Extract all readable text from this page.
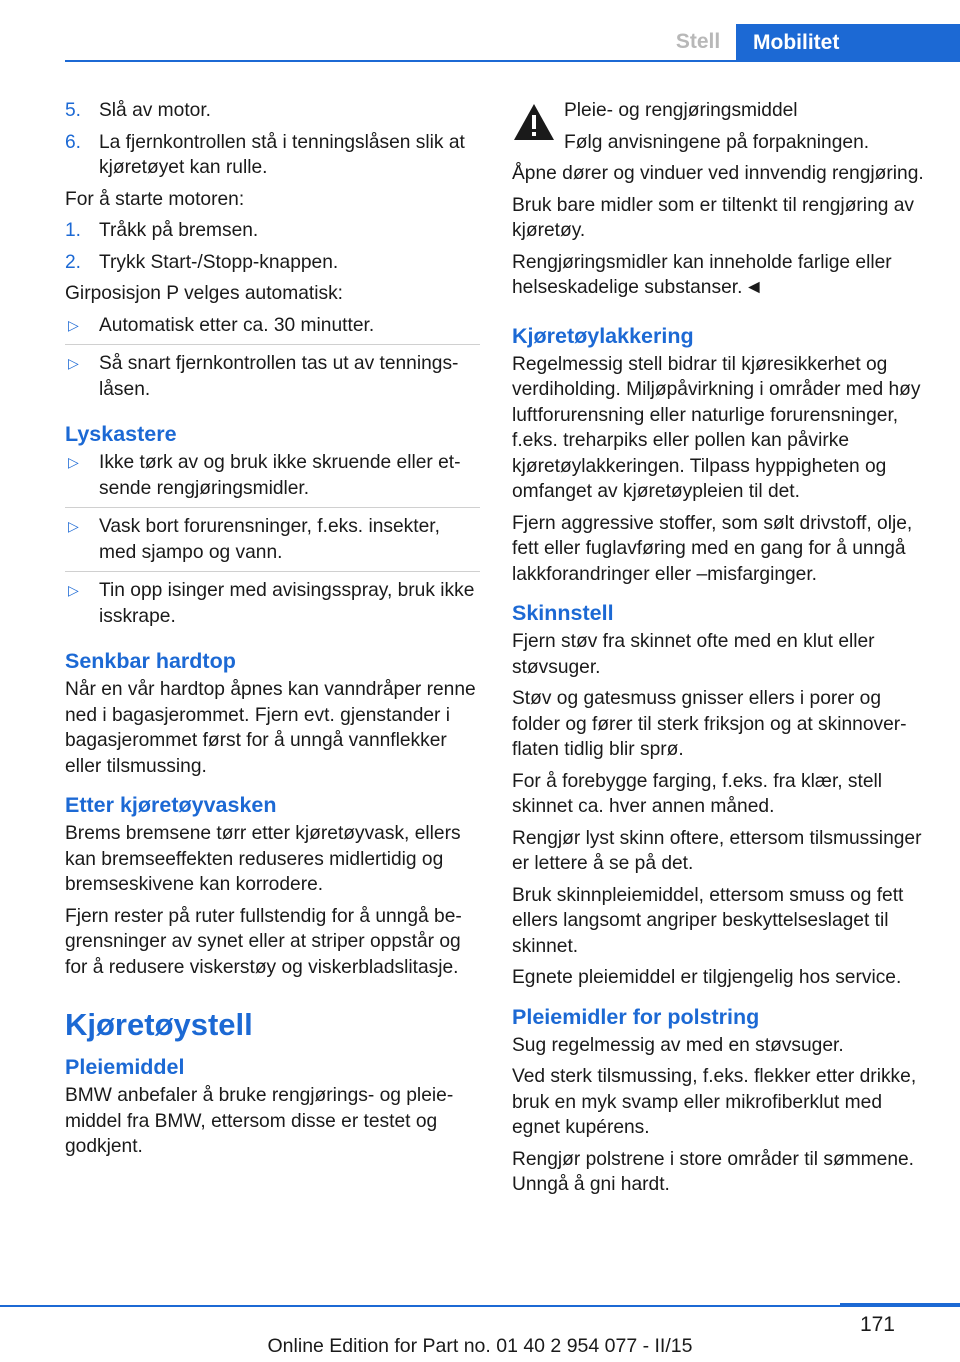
Stell	Mobilitet
5. Slå av motor.
6. La fjernkontrollen stå i tenningslåsen slik at kjøretøyet kan rulle.

For å starte motoren:

1. Tråkk på bremsen.
2. Trykk Start-/Stopp-knappen.

Girposisjon P velges automatisk:

▷ Automatisk etter ca. 30 minutter.
▷ Så snart fjernkontrollen tas ut av tenningslåsen.
Lyskastere
▷ Ikke tørk av og bruk ikke skruende eller etsende rengjøringsmidler.
▷ Vask bort forurensninger, f.eks. insekter, med sjampo og vann.
▷ Tin opp isinger med avisingsspray, bruk ikke isskrape.
Senkbar hardtop

Når en vår hardtop åpnes kan vanndråper renne ned i bagasjerommet. Fjern evt. gjenstander i bagasjerommet først for å unngå vannflekker eller tilsmussing.

Etter kjøretøyvasken

Brems bremsene tørr etter kjøretøyvask, ellers kan bremseeffekten reduseres midlertidig og bremseskivene kan korrodere.

Fjern rester på ruter fullstendig for å unngå begrensninger av synet eller at striper oppstår og for å redusere viskerstøy og viskerbladslitasje.

Kjøretøystell
Pleiemiddel

BMW anbefaler å bruke rengjørings- og pleiemiddel fra BMW, ettersom disse er testet og godkjent.

Pleie- og rengjøringsmiddel

Følg anvisningene på forpakningen.

Åpne dører og vinduer ved innvendig rengjøring.

Bruk bare midler som er tiltenkt til rengjøring av kjøretøy.

Rengjøringsmidler kan inneholde farlige eller helseskadelige substanser. ◄

Kjøretøylakkering

Regelmessig stell bidrar til kjøresikkerhet og verdiholding. Miljøpåvirkning i områder med høy luftforurensning eller naturlige forurensninger, f.eks. treharpiks eller pollen kan påvirke kjøretøylakkeringen. Tilpass hyppigheten og omfanget av kjøretøypleien til det.

Fjern aggressive stoffer, som sølt drivstoff, olje, fett eller fuglavføring med en gang for å unngå lakkforandringer eller –misfarginger.

Skinnstell

Fjern støv fra skinnet ofte med en klut eller støvsuger.

Støv og gatesmuss gnisser ellers i porer og folder og fører til sterk friksjon og at skinnoverflaten tidlig blir sprø.

For å forebygge farging, f.eks. fra klær, stell skinnet ca. hver annen måned.

Rengjør lyst skinn oftere, ettersom tilsmussinger er lettere å se på det.

Bruk skinnpleiemiddel, ettersom smuss og fett ellers langsomt angriper beskyttelseslaget til skinnet.

Egnete pleiemiddel er tilgjengelig hos service.

Pleiemidler for polstring

Sug regelmessig av med en støvsuger.

Ved sterk tilsmussing, f.eks. flekker etter drikke, bruk en myk svamp eller mikrofiberklut med egnet kupérens.

Rengjør polstrene i store områder til sømmene. Unngå å gni hardt.

171
Online Edition for Part no. 01 40 2 954 077 - II/15
